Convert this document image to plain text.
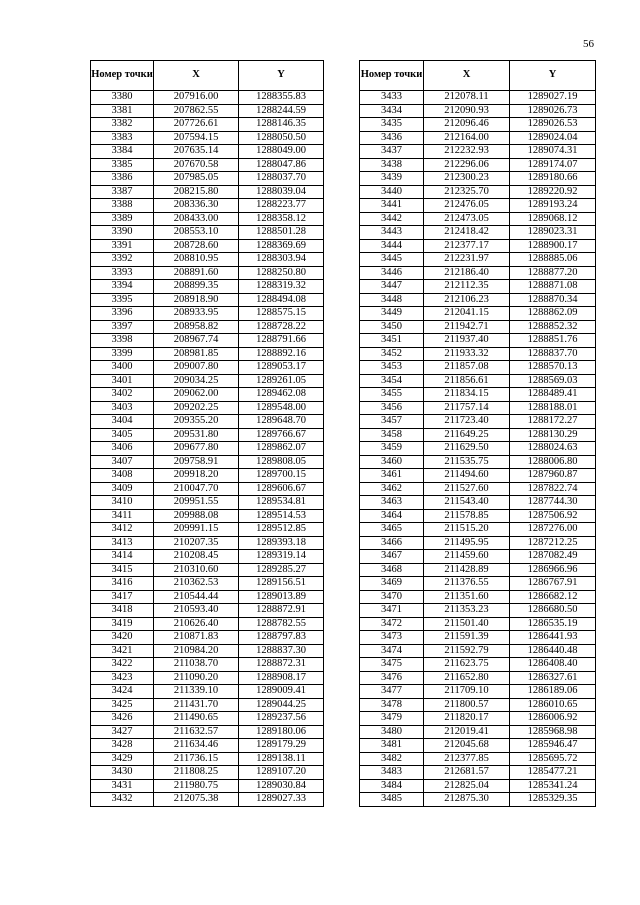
56
Номер точки	X	Y
3380	207916.00	1288355.83
3381	207862.55	1288244.59
3382	207726.61	1288146.35
3383	207594.15	1288050.50
3384	207635.14	1288049.00
3385	207670.58	1288047.86
3386	207985.05	1288037.70
3387	208215.80	1288039.04
3388	208336.30	1288223.77
3389	208433.00	1288358.12
3390	208553.10	1288501.28
3391	208728.60	1288369.69
3392	208810.95	1288303.94
3393	208891.60	1288250.80
3394	208899.35	1288319.32
3395	208918.90	1288494.08
3396	208933.95	1288575.15
3397	208958.82	1288728.22
3398	208967.74	1288791.66
3399	208981.85	1288892.16
3400	209007.80	1289053.17
3401	209034.25	1289261.05
3402	209062.00	1289462.08
3403	209202.25	1289548.00
3404	209355.20	1289648.70
3405	209531.80	1289766.67
3406	209677.80	1289862.07
3407	209758.91	1289808.05
3408	209918.20	1289700.15
3409	210047.70	1289606.67
3410	209951.55	1289534.81
3411	209988.08	1289514.53
3412	209991.15	1289512.85
3413	210207.35	1289393.18
3414	210208.45	1289319.14
3415	210310.60	1289285.27
3416	210362.53	1289156.51
3417	210544.44	1289013.89
3418	210593.40	1288872.91
3419	210626.40	1288782.55
3420	210871.83	1288797.83
3421	210984.20	1288837.30
3422	211038.70	1288872.31
3423	211090.20	1288908.17
3424	211339.10	1289009.41
3425	211431.70	1289044.25
3426	211490.65	1289237.56
3427	211632.57	1289180.06
3428	211634.46	1289179.29
3429	211736.15	1289138.11
3430	211808.25	1289107.20
3431	211980.75	1289030.84
3432	212075.38	1289027.33
Номер точки	X	Y
3433	212078.11	1289027.19
3434	212090.93	1289026.73
3435	212096.46	1289026.53
3436	212164.00	1289024.04
3437	212232.93	1289074.31
3438	212296.06	1289174.07
3439	212300.23	1289180.66
3440	212325.70	1289220.92
3441	212476.05	1289193.24
3442	212473.05	1289068.12
3443	212418.42	1289023.31
3444	212377.17	1288900.17
3445	212231.97	1288885.06
3446	212186.40	1288877.20
3447	212112.35	1288871.08
3448	212106.23	1288870.34
3449	212041.15	1288862.09
3450	211942.71	1288852.32
3451	211937.40	1288851.76
3452	211933.32	1288837.70
3453	211857.08	1288570.13
3454	211856.61	1288569.03
3455	211834.15	1288489.41
3456	211757.14	1288188.01
3457	211723.40	1288172.27
3458	211649.25	1288130.29
3459	211629.50	1288024.63
3460	211535.75	1288006.80
3461	211494.60	1287960.87
3462	211527.60	1287822.74
3463	211543.40	1287744.30
3464	211578.85	1287506.92
3465	211515.20	1287276.00
3466	211495.95	1287212.25
3467	211459.60	1287082.49
3468	211428.89	1286966.96
3469	211376.55	1286767.91
3470	211351.60	1286682.12
3471	211353.23	1286680.50
3472	211501.40	1286535.19
3473	211591.39	1286441.93
3474	211592.79	1286440.48
3475	211623.75	1286408.40
3476	211652.80	1286327.61
3477	211709.10	1286189.06
3478	211800.57	1286010.65
3479	211820.17	1286006.92
3480	212019.41	1285968.98
3481	212045.68	1285946.47
3482	212377.85	1285695.72
3483	212681.57	1285477.21
3484	212825.04	1285341.24
3485	212875.30	1285329.35
